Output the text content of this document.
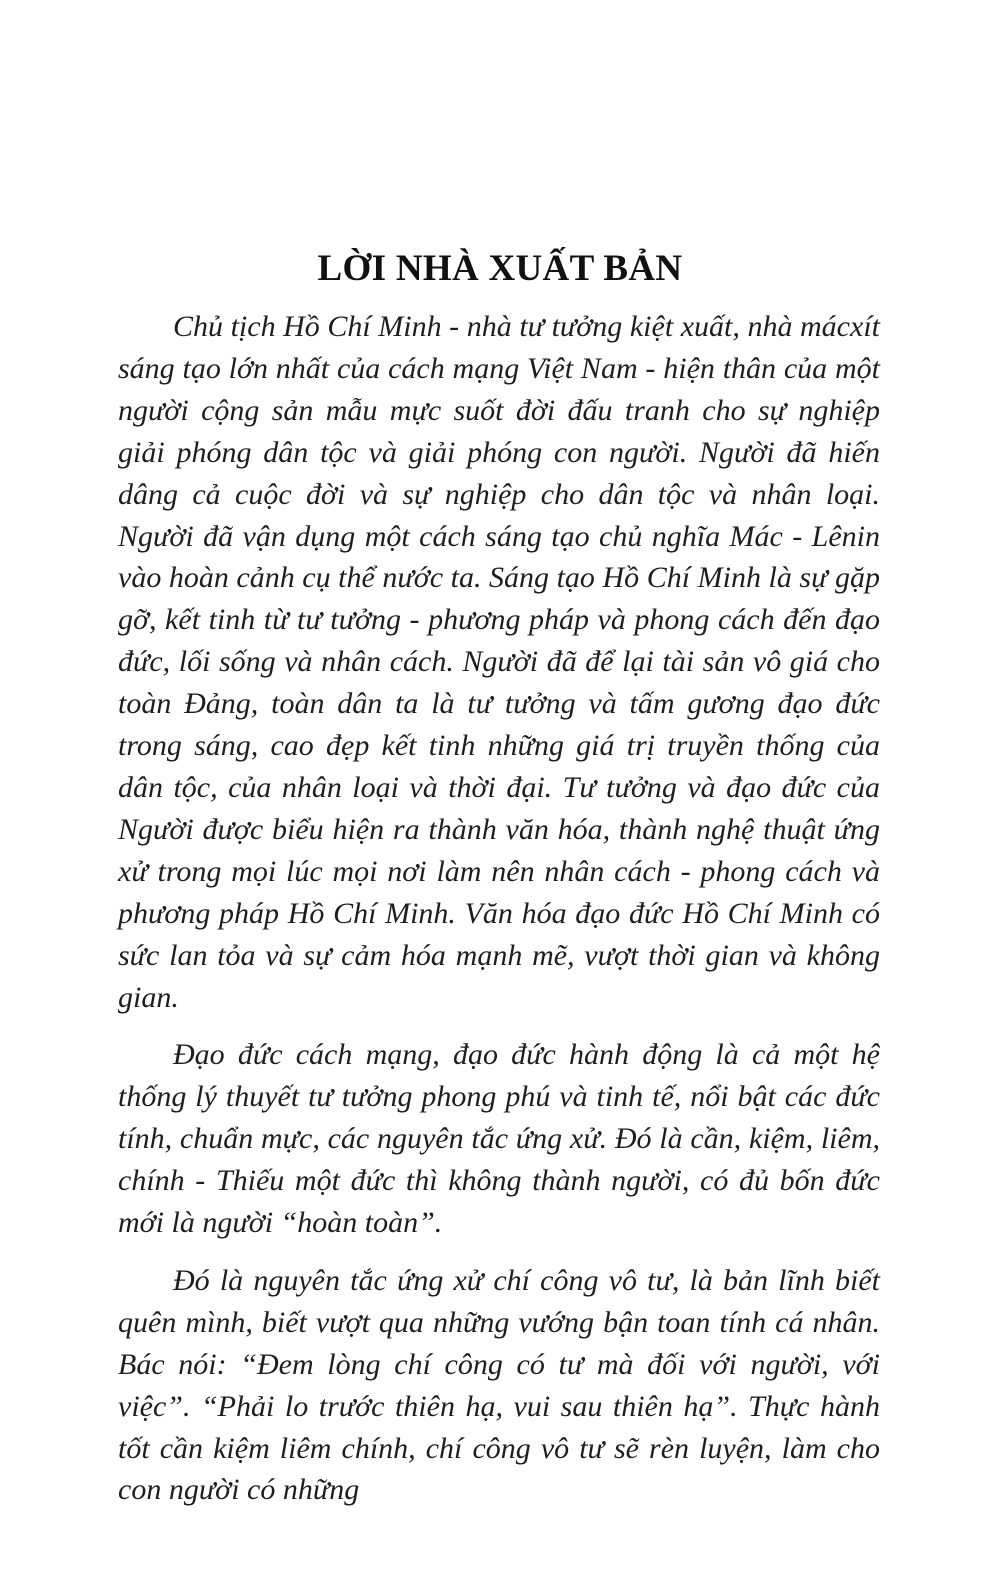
LỜI NHÀ XUẤT BẢN

Chủ tịch Hồ Chí Minh - nhà tư tưởng kiệt xuất, nhà mácxít sáng tạo lớn nhất của cách mạng Việt Nam - hiện thân của một người cộng sản mẫu mực suốt đời đấu tranh cho sự nghiệp giải phóng dân tộc và giải phóng con người. Người đã hiến dâng cả cuộc đời và sự nghiệp cho dân tộc và nhân loại. Người đã vận dụng một cách sáng tạo chủ nghĩa Mác - Lênin vào hoàn cảnh cụ thể nước ta. Sáng tạo Hồ Chí Minh là sự gặp gỡ, kết tinh từ tư tưởng - phương pháp và phong cách đến đạo đức, lối sống và nhân cách. Người đã để lại tài sản vô giá cho toàn Đảng, toàn dân ta là tư tưởng và tấm gương đạo đức trong sáng, cao đẹp kết tinh những giá trị truyền thống của dân tộc, của nhân loại và thời đại. Tư tưởng và đạo đức của Người được biểu hiện ra thành văn hóa, thành nghệ thuật ứng xử trong mọi lúc mọi nơi làm nên nhân cách - phong cách và phương pháp Hồ Chí Minh. Văn hóa đạo đức Hồ Chí Minh có sức lan tỏa và sự cảm hóa mạnh mẽ, vượt thời gian và không gian.

Đạo đức cách mạng, đạo đức hành động là cả một hệ thống lý thuyết tư tưởng phong phú và tinh tế, nổi bật các đức tính, chuẩn mực, các nguyên tắc ứng xử. Đó là cần, kiệm, liêm, chính - Thiếu một đức thì không thành người, có đủ bốn đức mới là người “hoàn toàn”.

Đó là nguyên tắc ứng xử chí công vô tư, là bản lĩnh biết quên mình, biết vượt qua những vướng bận toan tính cá nhân. Bác nói: “Đem lòng chí công có tư mà đối với người, với việc”. “Phải lo trước thiên hạ, vui sau thiên hạ”. Thực hành tốt cần kiệm liêm chính, chí công vô tư sẽ rèn luyện, làm cho con người có những
